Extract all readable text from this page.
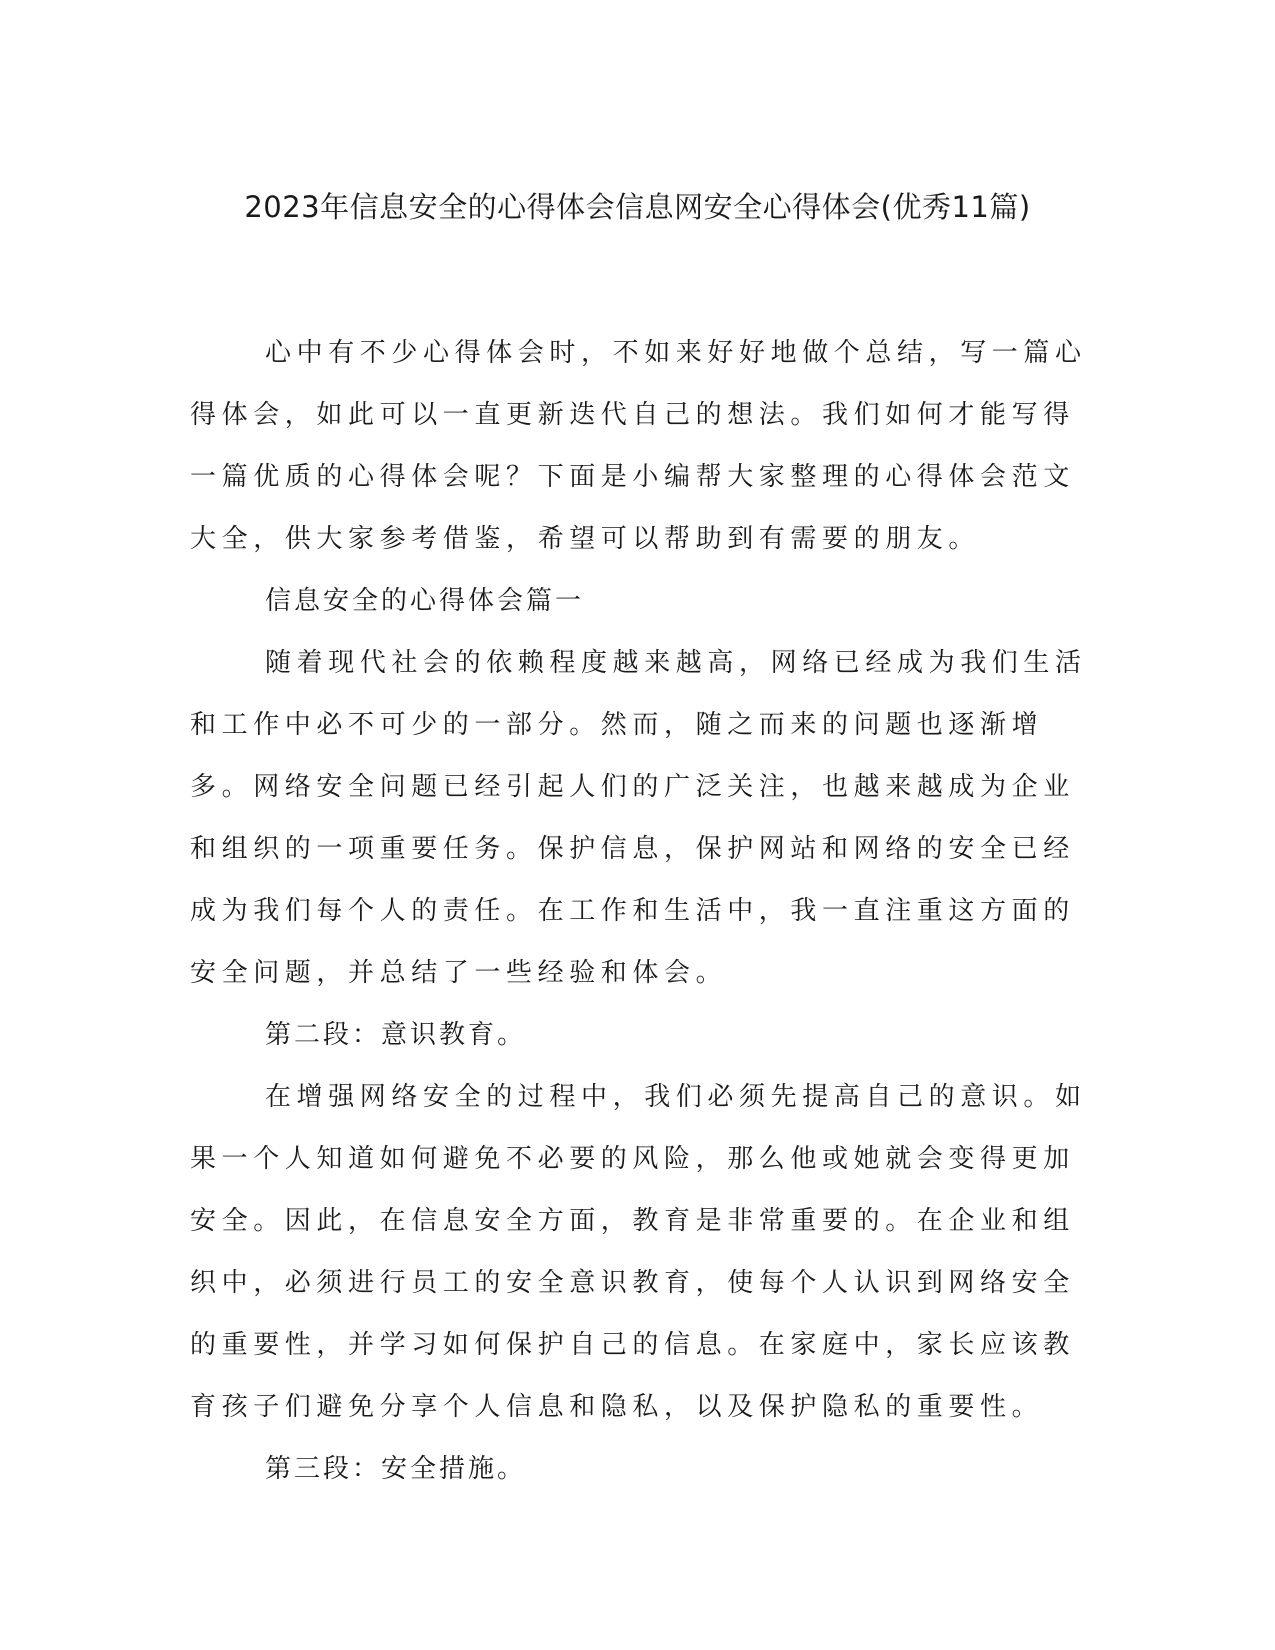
2023年信息安全的心得体会信息网安全心得体会(优秀11篇)

心中有不少心得体会时，不如来好好地做个总结，写一篇心得体会，如此可以一直更新迭代自己的想法。我们如何才能写得一篇优质的心得体会呢？下面是小编帮大家整理的心得体会范文大全，供大家参考借鉴，希望可以帮助到有需要的朋友。

信息安全的心得体会篇一

随着现代社会的依赖程度越来越高，网络已经成为我们生活和工作中必不可少的一部分。然而，随之而来的问题也逐渐增多。网络安全问题已经引起人们的广泛关注，也越来越成为企业和组织的一项重要任务。保护信息，保护网站和网络的安全已经成为我们每个人的责任。在工作和生活中，我一直注重这方面的安全问题，并总结了一些经验和体会。

第二段：意识教育。

在增强网络安全的过程中，我们必须先提高自己的意识。如果一个人知道如何避免不必要的风险，那么他或她就会变得更加安全。因此，在信息安全方面，教育是非常重要的。在企业和组织中，必须进行员工的安全意识教育，使每个人认识到网络安全的重要性，并学习如何保护自己的信息。在家庭中，家长应该教育孩子们避免分享个人信息和隐私，以及保护隐私的重要性。

第三段：安全措施。
